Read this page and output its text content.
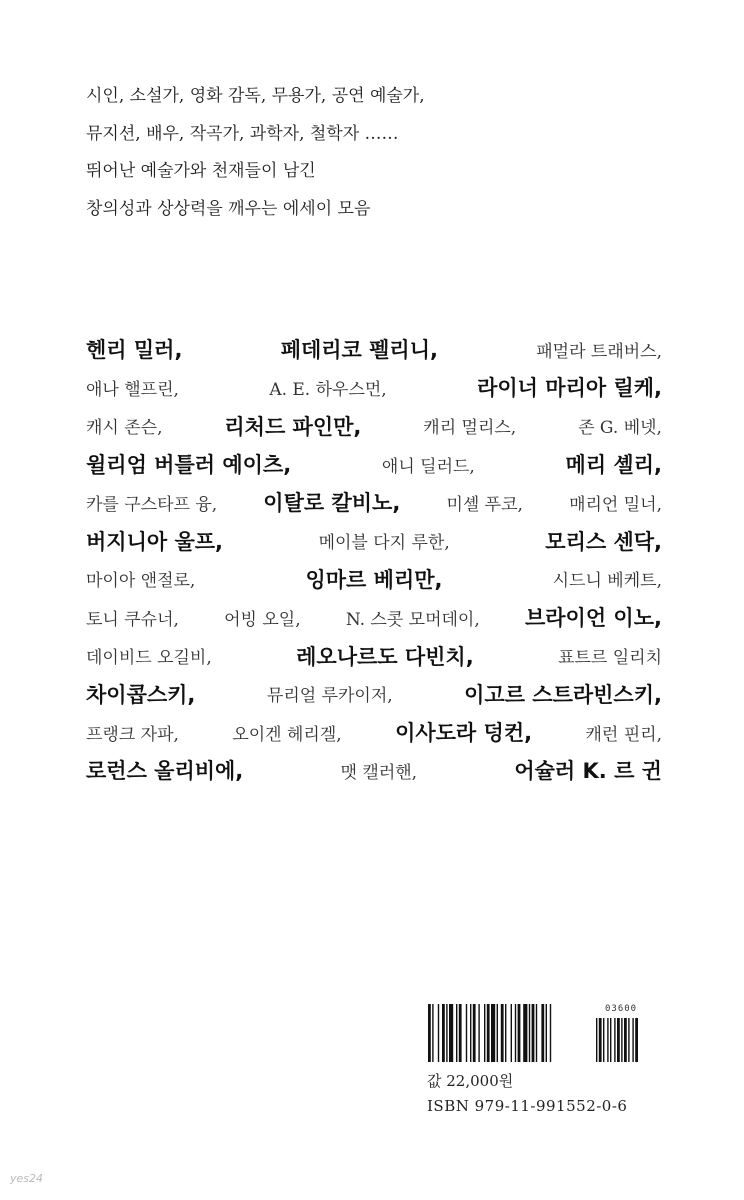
시인, 소설가, 영화 감독, 무용가, 공연 예술가,

뮤지션, 배우, 작곡가, 과학자, 철학자 ……

뛰어난 예술가와 천재들이 남긴

창의성과 상상력을 깨우는 에세이 모음

헨리 밀러,	페데리코 펠리니,	패멀라 트래버스,
애나 핼프린,	A. E. 하우스먼,	라이너 마리아 릴케,
캐시 존슨,	리처드 파인만,	캐리 멀리스,	존 G. 베넷,
윌리엄 버틀러 예이츠,	애니 딜러드,	메리 셸리,
카를 구스타프 융, 이탈로 칼비노,	미셸 푸코,	매리언 밀너,
버지니아 울프,	메이블 다지 루한,	모리스 센닥,
마이아 앤절로,	잉마르 베리만,	시드니 베케트,
토니 쿠슈너,	어빙 오일,	N. 스콧 모머데이, 브라이언 이노,
데이비드 오길비,	레오나르도 다빈치,	표트르 일리치
차이콥스키,	뮤리얼 루카이저,	이고르 스트라빈스키,
프랭크 자파,	오이겐 헤리겔,	이사도라 덩컨,	캐런 핀리,
로런스 올리비에,	맷 캘러핸,	어슐러 K. 르 귄
03600
값 22,000원
ISBN 979-11-991552-0-6
yes24
